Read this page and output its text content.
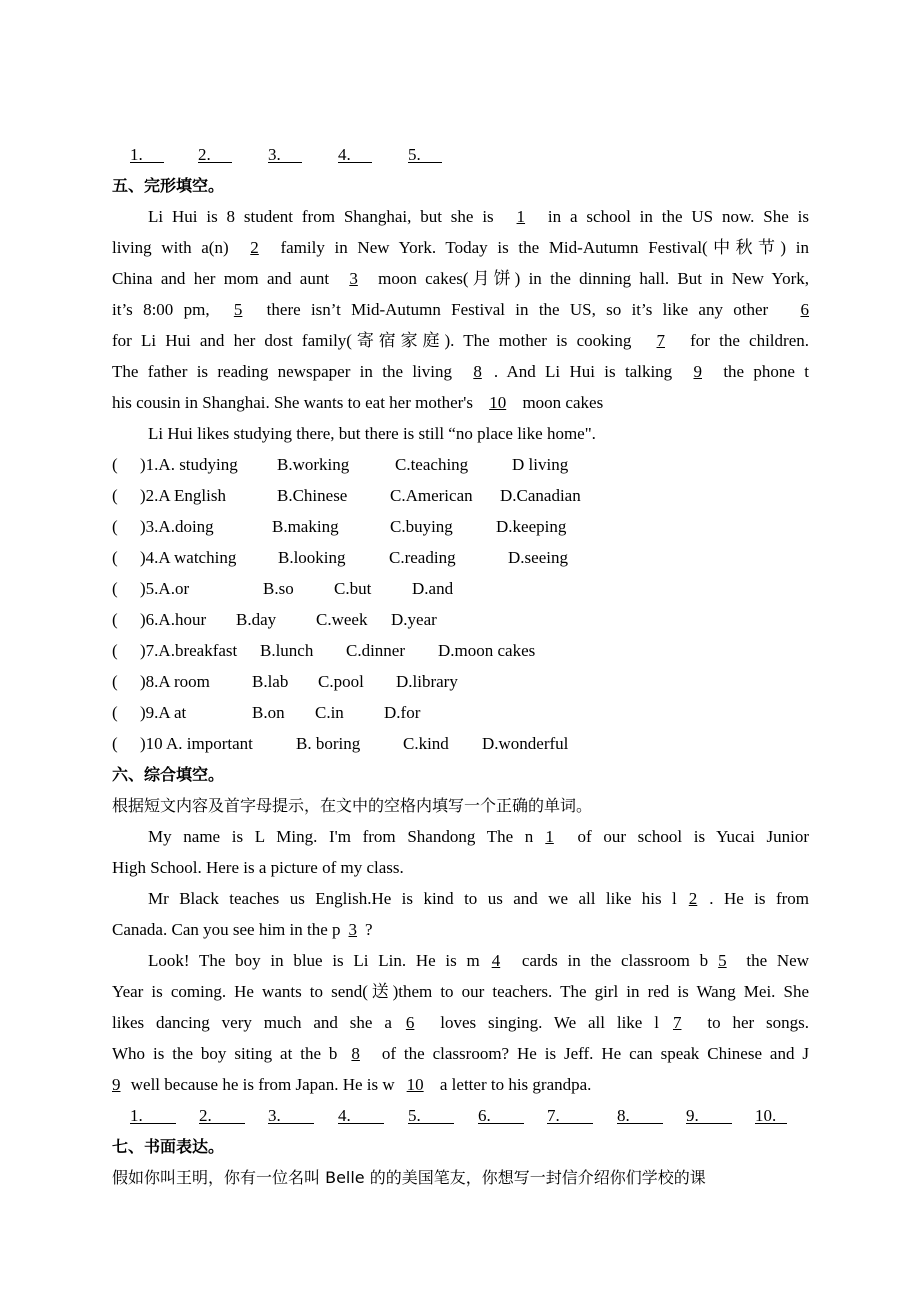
1.	2.	3.	4.	5.
五、完形填空。
Li Hui is 8 student from Shanghai, but she is 1 in a school in the US now. She is
living with a(n) 2 family in New York. Today is the Mid-Autumn Festival(中秋节) in
China and her mom and aunt 3 moon cakes(月饼) in the dinning hall. But in New York,
it’s 8:00 pm, 5 there isn’t Mid-Autumn Festival in the US, so it’s like any other 6
for Li Hui and her dost family(寄宿家庭). The mother is cooking 7 for the children.
The father is reading newspaper in the living 8 . And Li Hui is talking 9 the phone t
his cousin in Shanghai. She wants to eat her mother's 10 moon cakes
Li Hui likes studying there, but there is still “no place like home".
( )1.A. studying B.working	C.teaching	D living
( )2.A English	B.Chinese	C.American D.Canadian
( )3.A.doing	B.making	C.buying	D.keeping
( )4.A watching B.looking	C.reading	D.seeing
( )5.A.or	B.so C.but D.and
( )6.A.hour B.day C.week D.year
( )7.A.breakfast B.lunch C.dinner D.moon cakes
( )8.A room B.lab C.pool D.library
( )9.A at	B.on C.in D.for
( )10 A. important	B. boring	C.kind D.wonderful
六、综合填空。
根据短文内容及首字母提示，在文中的空格内填写一个正确的单词。
My name is L Ming. I'm from Shandong The n 1 of our school is Yucai Junior
High School. Here is a picture of my class.
Mr Black teaches us English.He is kind to us and we all like his l 2 . He is from
Canada. Can you see him in the p 3 ?
Look! The boy in blue is Li Lin. He is m 4 cards in the classroom b 5 the New
Year is coming. He wants to send(送)them to our teachers. The girl in red is Wang Mei. She
likes dancing very much and she a 6 loves singing. We all like l 7 to her songs.
Who is the boy siting at the b 8 of the classroom? He is Jeff. He can speak Chinese and J
9 well because he is from Japan. He is w 10 a letter to his grandpa.
1.	2.	3.	4.	5.	6.	7.	8.	9.	10.
七、书面表达。
假如你叫王明，你有一位名叫 Belle 的的美国笔友，你想写一封信介绍你们学校的课
